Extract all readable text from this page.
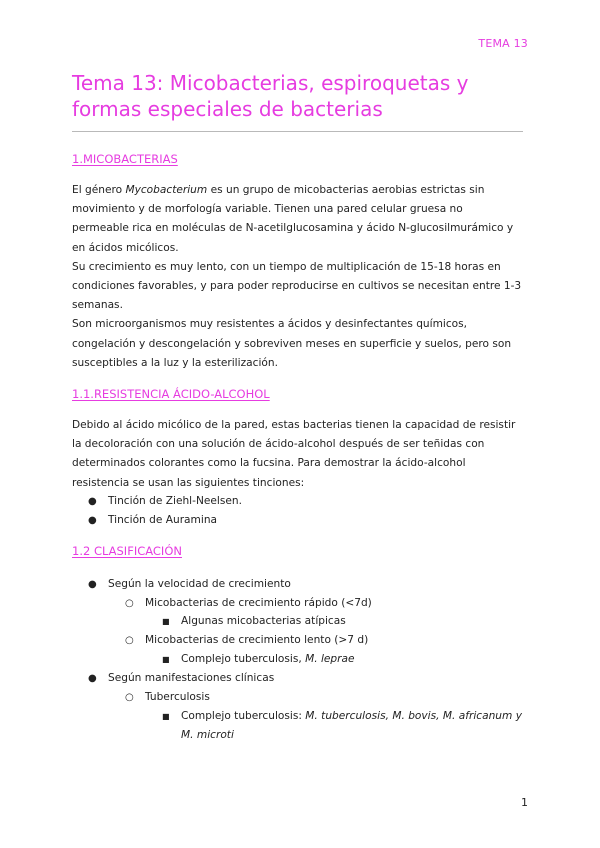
TEMA 13
Tema 13: Micobacterias, espiroquetas y
formas especiales de bacterias
1.MICOBACTERIAS
El género Mycobacterium es un grupo de micobacterias aerobias estrictas sin
movimiento y de morfología variable. Tienen una pared celular gruesa no
permeable rica en moléculas de N-acetilglucosamina y ácido N-glucosilmurámico y
en ácidos micólicos.
Su crecimiento es muy lento, con un tiempo de multiplicación de 15-18 horas en
condiciones favorables, y para poder reproducirse en cultivos se necesitan entre 1-3
semanas.
Son microorganismos muy resistentes a ácidos y desinfectantes químicos,
congelación y descongelación y sobreviven meses en superficie y suelos, pero son
susceptibles a la luz y la esterilización.
1.1.RESISTENCIA ÁCIDO-ALCOHOL
Debido al ácido micólico de la pared, estas bacterias tienen la capacidad de resistir
la decoloración con una solución de ácido-alcohol después de ser teñidas con
determinados colorantes como la fucsina. Para demostrar la ácido-alcohol
resistencia se usan las siguientes tinciones:
● Tinción de Ziehl-Neelsen.
● Tinción de Auramina
1.2 CLASIFICACIÓN
● Según la velocidad de crecimiento
○ Micobacterias de crecimiento rápido (<7d)
■ Algunas micobacterias atípicas
○ Micobacterias de crecimiento lento (>7 d)
■ Complejo tuberculosis, M. leprae
● Según manifestaciones clínicas
○ Tuberculosis
■ Complejo tuberculosis: M. tuberculosis, M. bovis, M. africanum y
M. microti
1
